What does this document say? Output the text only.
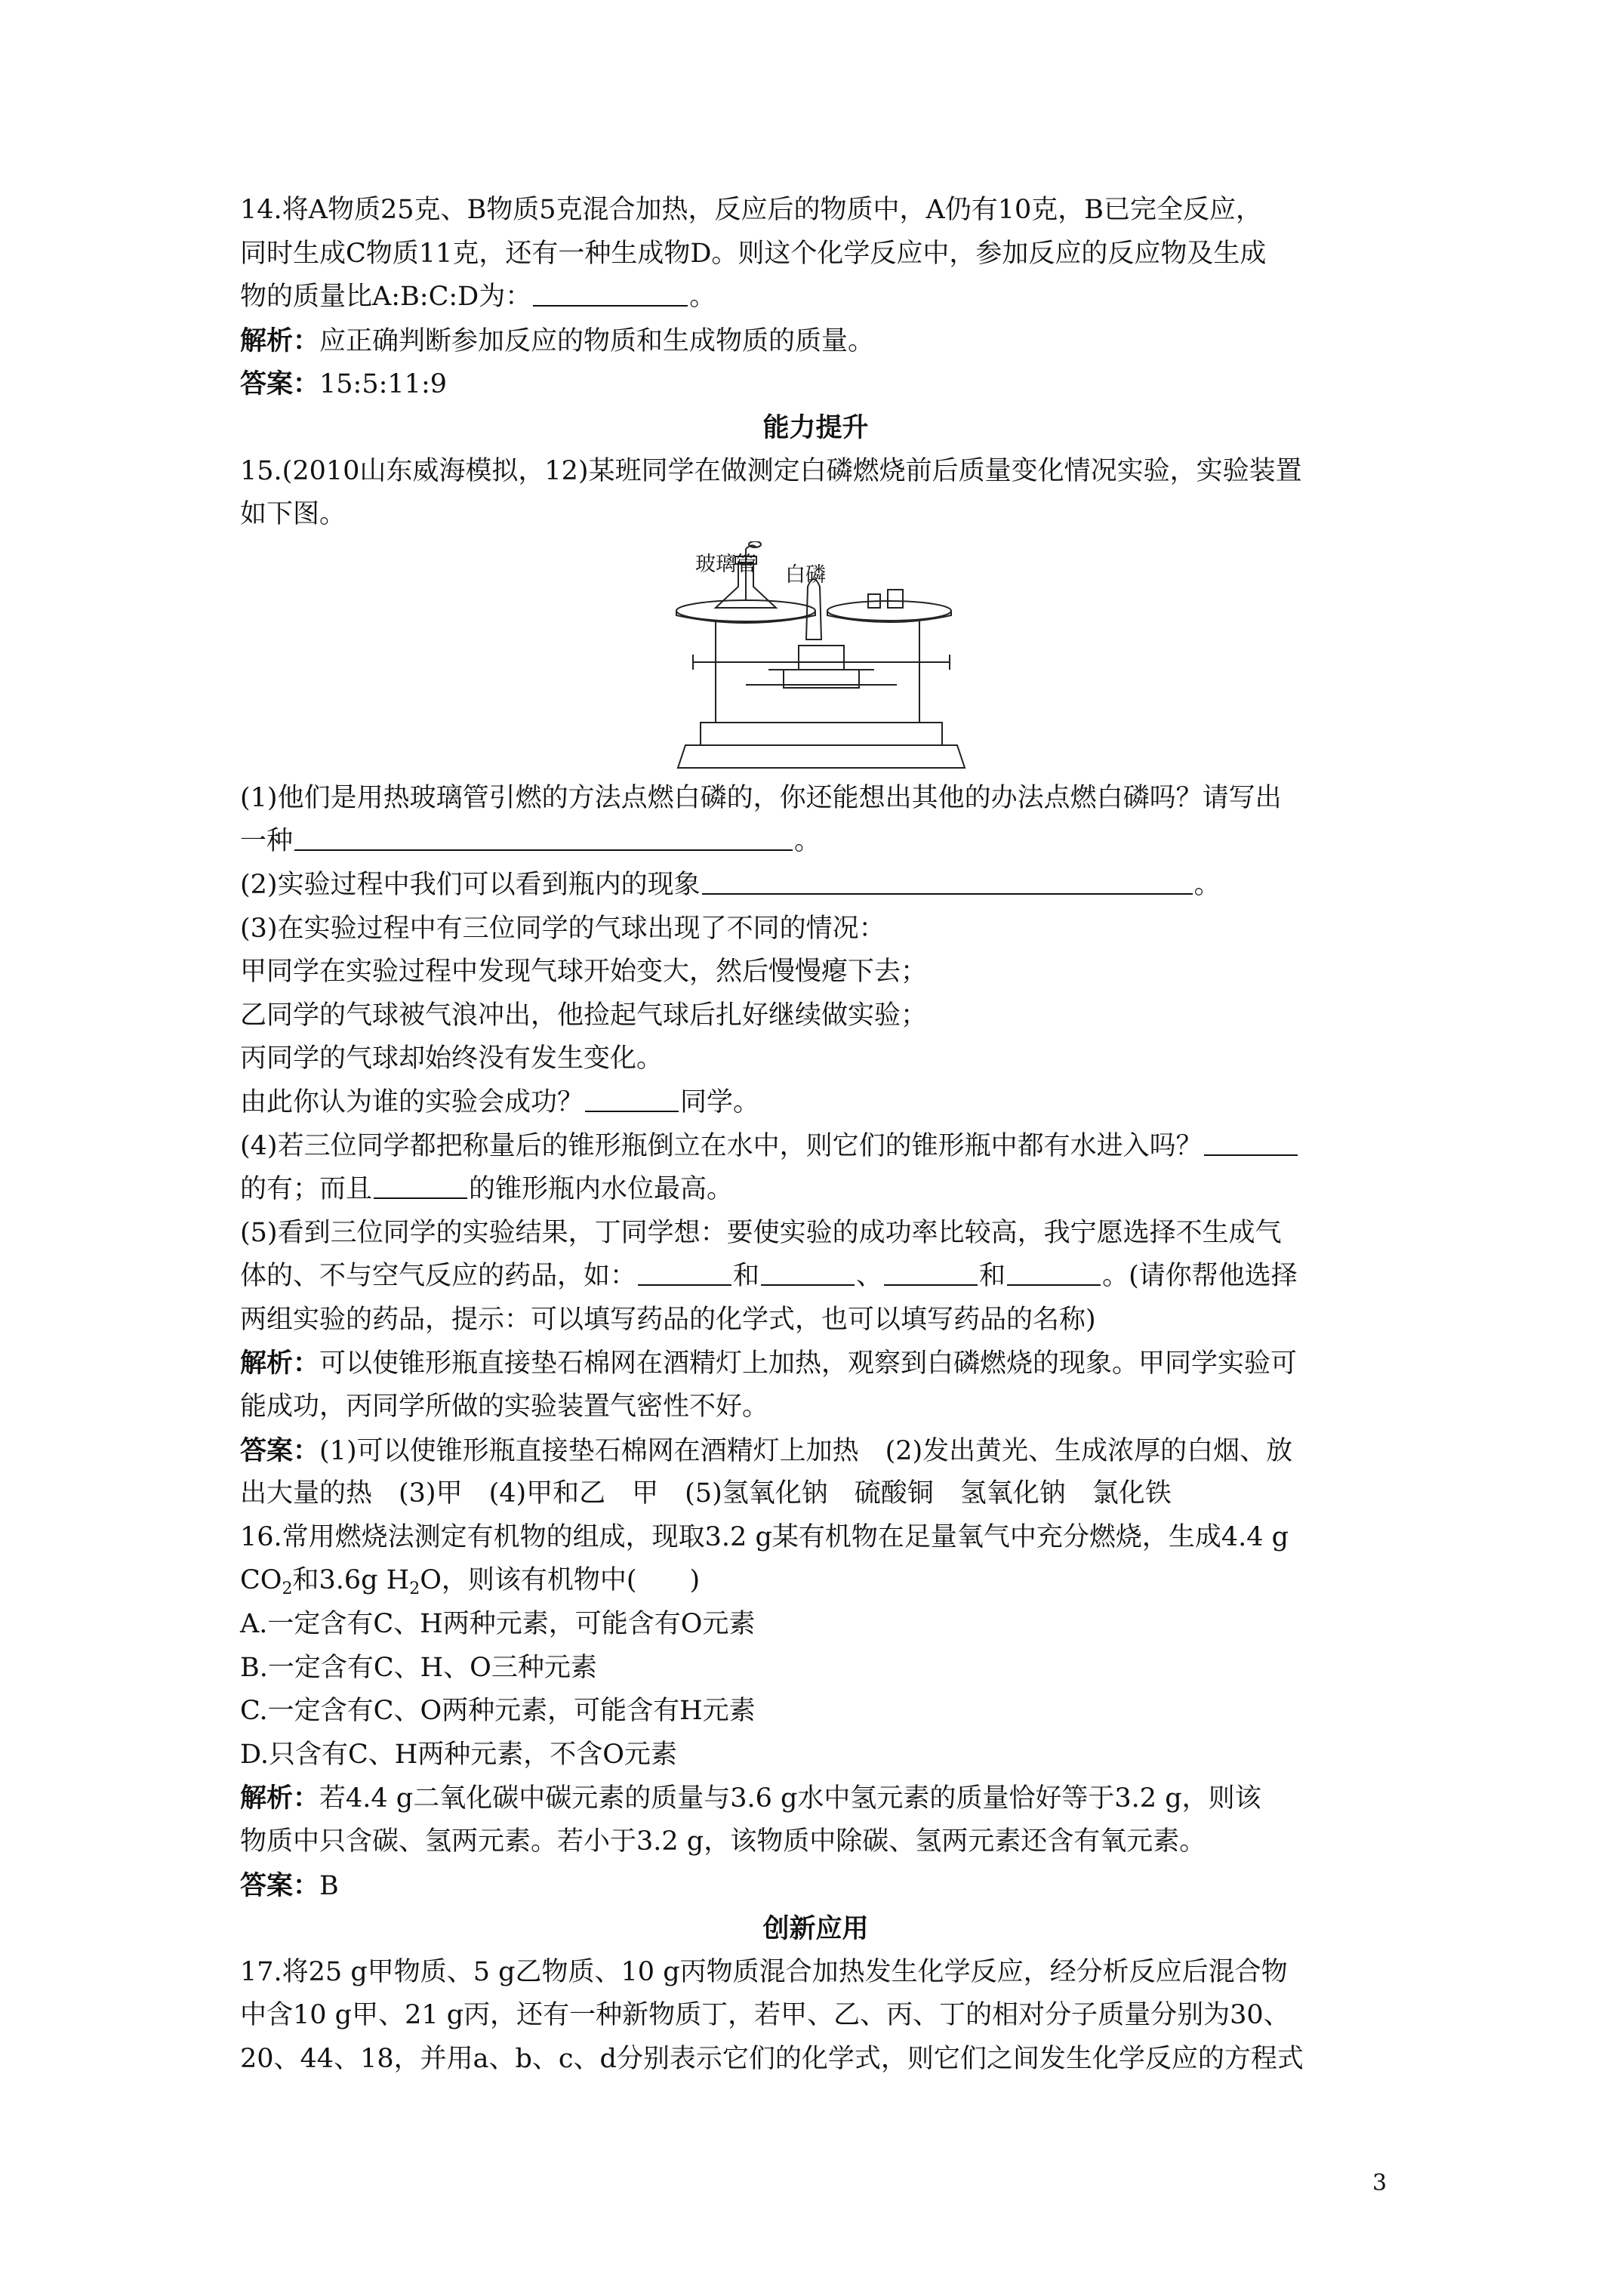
14.将A物质25克、B物质5克混合加热，反应后的物质中，A仍有10克，B已完全反应，
同时生成C物质11克，还有一种生成物D。则这个化学反应中，参加反应的反应物及生成
物的质量比A:B:C:D为：	。
解析：应正确判断参加反应的物质和生成物质的质量。
答案：15:5:11:9
能力提升
15.(2010山东威海模拟，12)某班同学在做测定白磷燃烧前后质量变化情况实验，实验装置
如下图。
玻璃管 白磷
(1)他们是用热玻璃管引燃的方法点燃白磷的，你还能想出其他的办法点燃白磷吗？请写出
一种	。
(2)实验过程中我们可以看到瓶内的现象	。
(3)在实验过程中有三位同学的气球出现了不同的情况：
甲同学在实验过程中发现气球开始变大，然后慢慢瘪下去；
乙同学的气球被气浪冲出，他捡起气球后扎好继续做实验；
丙同学的气球却始终没有发生变化。
由此你认为谁的实验会成功？	同学。
(4)若三位同学都把称量后的锥形瓶倒立在水中，则它们的锥形瓶中都有水进入吗？
的有；而且	的锥形瓶内水位最高。
(5)看到三位同学的实验结果，丁同学想：要使实验的成功率比较高，我宁愿选择不生成气
体的、不与空气反应的药品，如：	和	、	和	。(请你帮他选择
两组实验的药品，提示：可以填写药品的化学式，也可以填写药品的名称)
解析：可以使锥形瓶直接垫石棉网在酒精灯上加热，观察到白磷燃烧的现象。甲同学实验可
能成功，丙同学所做的实验装置气密性不好。
答案：(1)可以使锥形瓶直接垫石棉网在酒精灯上加热　(2)发出黄光、生成浓厚的白烟、放
出大量的热　(3)甲　(4)甲和乙　甲　(5)氢氧化钠　硫酸铜　氢氧化钠　氯化铁
16.常用燃烧法测定有机物的组成，现取3.2 g某有机物在足量氧气中充分燃烧，生成4.4 g
$CO_2$和3.6g $H_2O$，则该有机物中(　　)
A.一定含有C、H两种元素，可能含有O元素
B.一定含有C、H、O三种元素
C.一定含有C、O两种元素，可能含有H元素
D.只含有C、H两种元素，不含O元素
解析：若4.4 g二氧化碳中碳元素的质量与3.6 g水中氢元素的质量恰好等于3.2 g，则该
物质中只含碳、氢两元素。若小于3.2 g，该物质中除碳、氢两元素还含有氧元素。
答案：B
创新应用
17.将25 g甲物质、5 g乙物质、10 g丙物质混合加热发生化学反应，经分析反应后混合物
中含10 g甲、21 g丙，还有一种新物质丁，若甲、乙、丙、丁的相对分子质量分别为30、
20、44、18，并用a、b、c、d分别表示它们的化学式，则它们之间发生化学反应的方程式
3
